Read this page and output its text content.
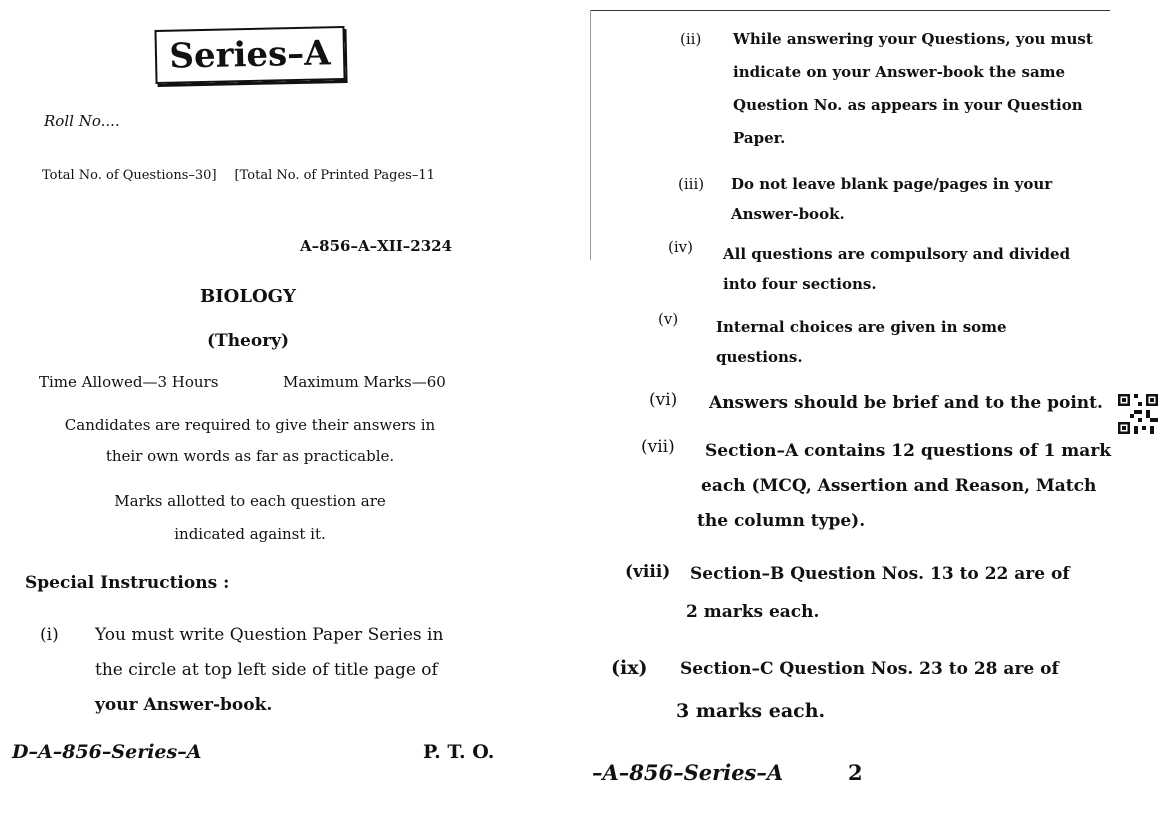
Series–A
Roll No....
Total No. of Questions–30] [Total No. of Printed Pages–11
A–856–A–XII–2324
BIOLOGY
(Theory)
Time Allowed—3 Hours	Maximum Marks—60
Candidates are required to give their answers in
their own words as far as practicable.
Marks allotted to each question are
indicated against it.
Special Instructions :
(i) You must write Question Paper Series in
the circle at top left side of title page of
your Answer-book.
D–A–856–Series–A	P. T. O.
(ii) While answering your Questions, you must
indicate on your Answer-book the same
Question No. as appears in your Question
Paper.
(iii) Do not leave blank page/pages in your
Answer-book.
(iv) All questions are compulsory and divided
into four sections.
(v)	Internal choices are given in some
questions.
(vi) Answers should be brief and to the point.
(vii) Section–A contains 12 questions of 1 mark
each (MCQ, Assertion and Reason, Match
the column type).
(viii) Section–B Question Nos. 13 to 22 are of
2 marks each.
(ix) Section–C Question Nos. 23 to 28 are of
3 marks each.
–A–856–Series–A	2
